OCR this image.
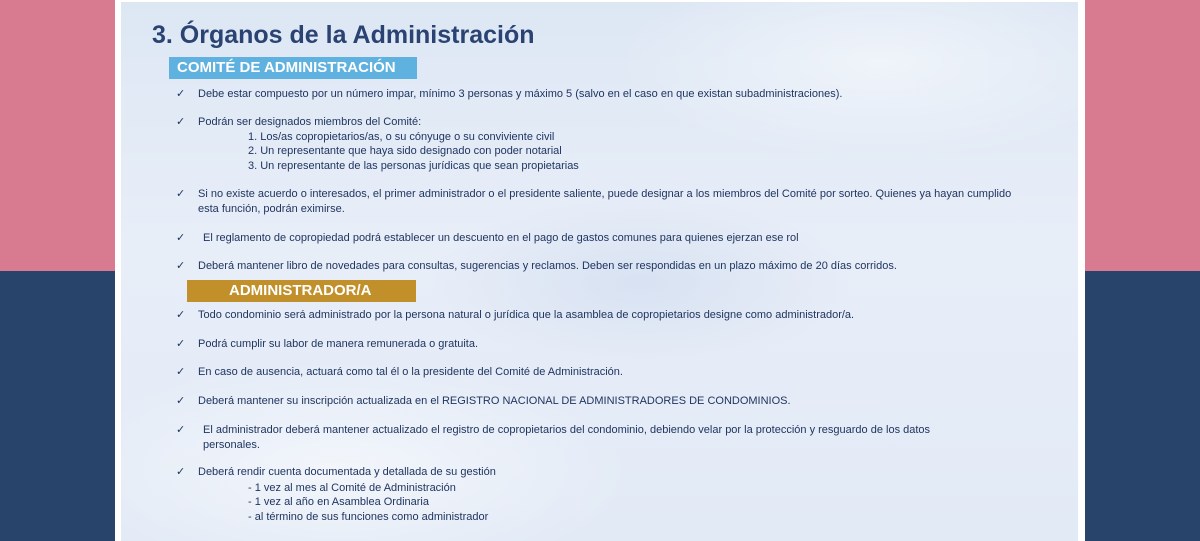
3. Órganos de la Administración
COMITÉ DE ADMINISTRACIÓN
✓ Debe estar compuesto por un número impar, mínimo 3 personas y máximo 5 (salvo en el caso en que existan subadministraciones).
✓ Podrán ser designados miembros del Comité:
1. Los/as copropietarios/as, o su cónyuge o su conviviente civil
2. Un representante que haya sido designado con poder notarial
3. Un representante de las personas jurídicas que sean propietarias
✓ Si no existe acuerdo o interesados, el primer administrador o el presidente saliente, puede designar a los miembros del Comité por sorteo. Quienes ya hayan cumplido esta función, podrán eximirse.
✓ El reglamento de copropiedad podrá establecer un descuento en el pago de gastos comunes para quienes ejerzan ese rol
✓ Deberá mantener libro de novedades para consultas, sugerencias y reclamos. Deben ser respondidas en un plazo máximo de 20 días corridos.
ADMINISTRADOR/A
✓ Todo condominio será administrado por la persona natural o jurídica que la asamblea de copropietarios designe como administrador/a.
✓ Podrá cumplir su labor de manera remunerada o gratuita.
✓ En caso de ausencia, actuará como tal él o la presidente del Comité de Administración.
✓ Deberá mantener su inscripción actualizada en el REGISTRO NACIONAL DE ADMINISTRADORES DE CONDOMINIOS.
✓ El administrador deberá mantener actualizado el registro de copropietarios del condominio, debiendo velar por la protección y resguardo de los datos personales.
✓ Deberá rendir cuenta documentada y detallada de su gestión
- 1 vez al mes al Comité de Administración
- 1 vez al año en Asamblea Ordinaria
- al término de sus funciones como administrador
